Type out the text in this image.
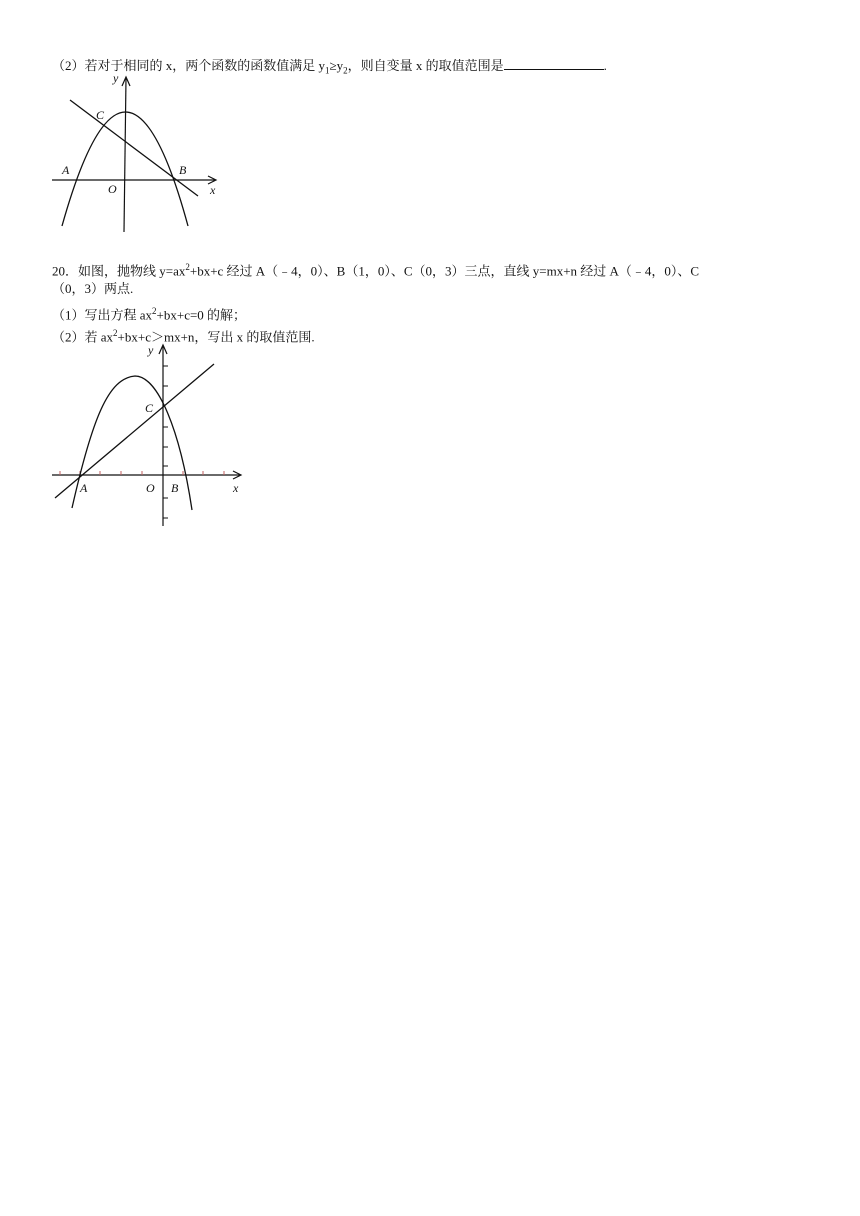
（2）若对于相同的 x，两个函数的函数值满足 $y_1\ge y_2$，则自变量 x 的取值范围是	.
y
x
C
A	B
O
20．如图，抛物线 $y=ax^2+bx+c$ 经过 A（﹣4，0）、B（1，0）、C（0，3）三点，直线 y=mx+n 经过 A（﹣4，0）、C
（0，3）两点.
（1）写出方程 $ax^2+bx+c=0$ 的解；
（2）若 $ax^2+bx+c>mx+n$，写出 x 的取值范围.
y
x
C
A	O B
